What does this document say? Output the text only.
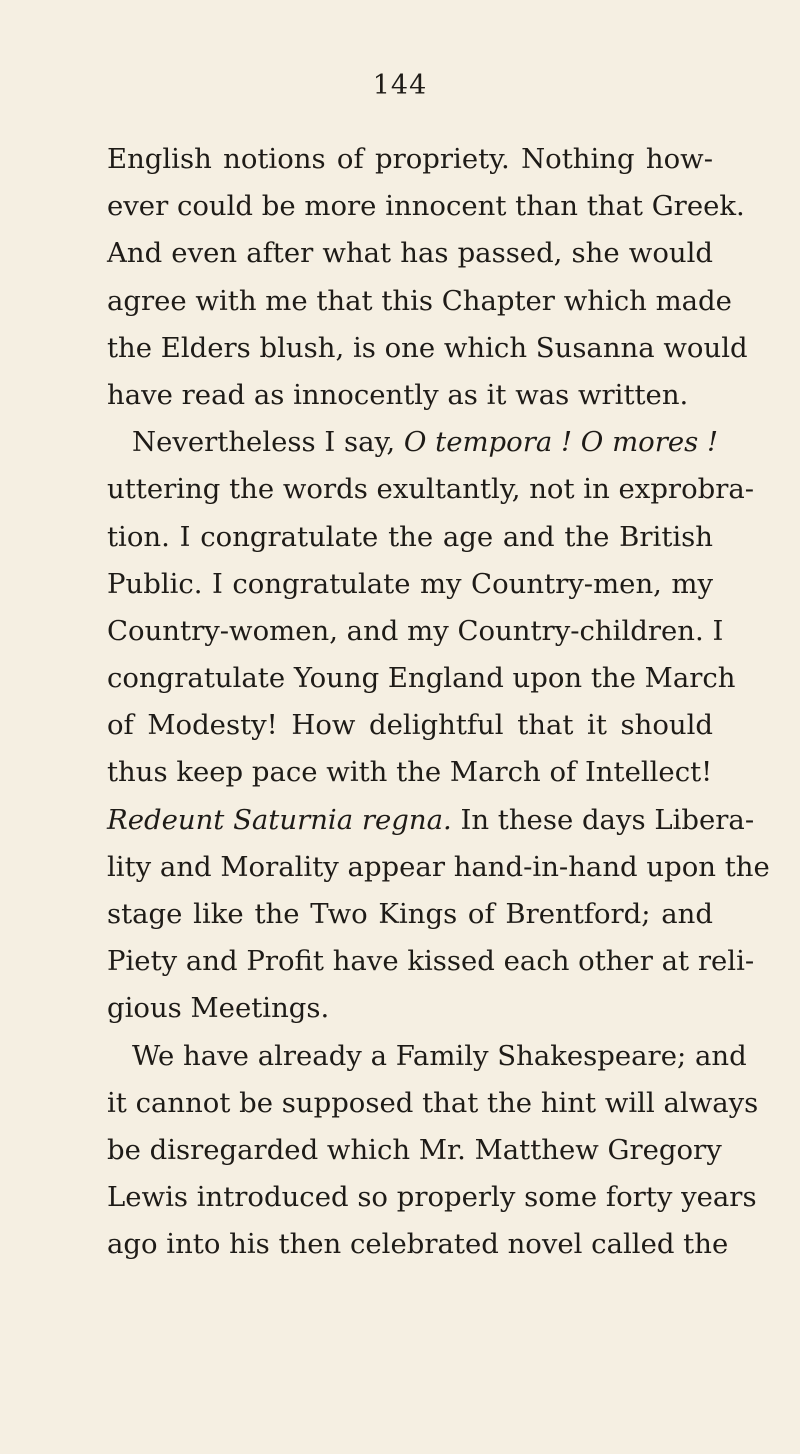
144
English notions of propriety. Nothing how-
ever could be more innocent than that Greek.
And even after what has passed, she would
agree with me that this Chapter which made
the Elders blush, is one which Susanna would
have read as innocently as it was written.
Nevertheless I say, O tempora ! O mores !
uttering the words exultantly, not in exprobra-
tion. I congratulate the age and the British
Public. I congratulate my Country-men, my
Country-women, and my Country-children. I
congratulate Young England upon the March
of Modesty! How delightful that it should
thus keep pace with the March of Intellect!
Redeunt Saturnia regna. In these days Libera-
lity and Morality appear hand-in-hand upon the
stage like the Two Kings of Brentford; and
Piety and Profit have kissed each other at reli-
gious Meetings.
We have already a Family Shakespeare; and
it cannot be supposed that the hint will always
be disregarded which Mr. Matthew Gregory
Lewis introduced so properly some forty years
ago into his then celebrated novel called the
